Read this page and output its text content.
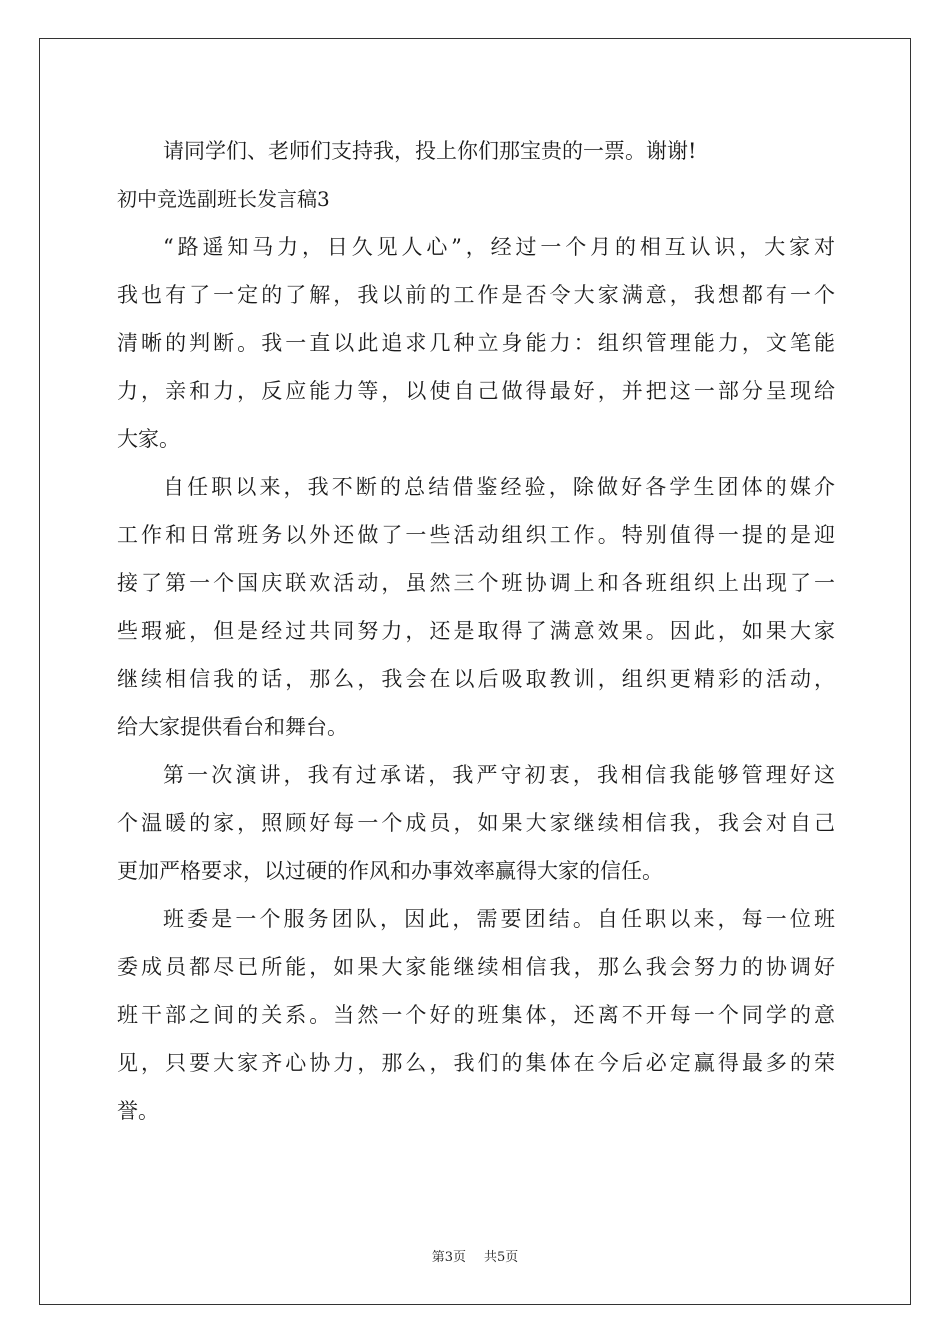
请同学们、老师们支持我，投上你们那宝贵的一票。谢谢!
初中竞选副班长发言稿3
“路遥知马力，日久见人心”，经过一个月的相互认识，大家对
我也有了一定的了解，我以前的工作是否令大家满意，我想都有一个
清晰的判断。我一直以此追求几种立身能力：组织管理能力，文笔能
力，亲和力，反应能力等，以使自己做得最好，并把这一部分呈现给
大家。
自任职以来，我不断的总结借鉴经验，除做好各学生团体的媒介
工作和日常班务以外还做了一些活动组织工作。特别值得一提的是迎
接了第一个国庆联欢活动，虽然三个班协调上和各班组织上出现了一
些瑕疵，但是经过共同努力，还是取得了满意效果。因此，如果大家
继续相信我的话，那么，我会在以后吸取教训，组织更精彩的活动，
给大家提供看台和舞台。
第一次演讲，我有过承诺，我严守初衷，我相信我能够管理好这
个温暖的家，照顾好每一个成员，如果大家继续相信我，我会对自己
更加严格要求，以过硬的作风和办事效率赢得大家的信任。
班委是一个服务团队，因此，需要团结。自任职以来，每一位班
委成员都尽已所能，如果大家能继续相信我，那么我会努力的协调好
班干部之间的关系。当然一个好的班集体，还离不开每一个同学的意
见，只要大家齐心协力，那么，我们的集体在今后必定赢得最多的荣
誉。
第3页 共5页
